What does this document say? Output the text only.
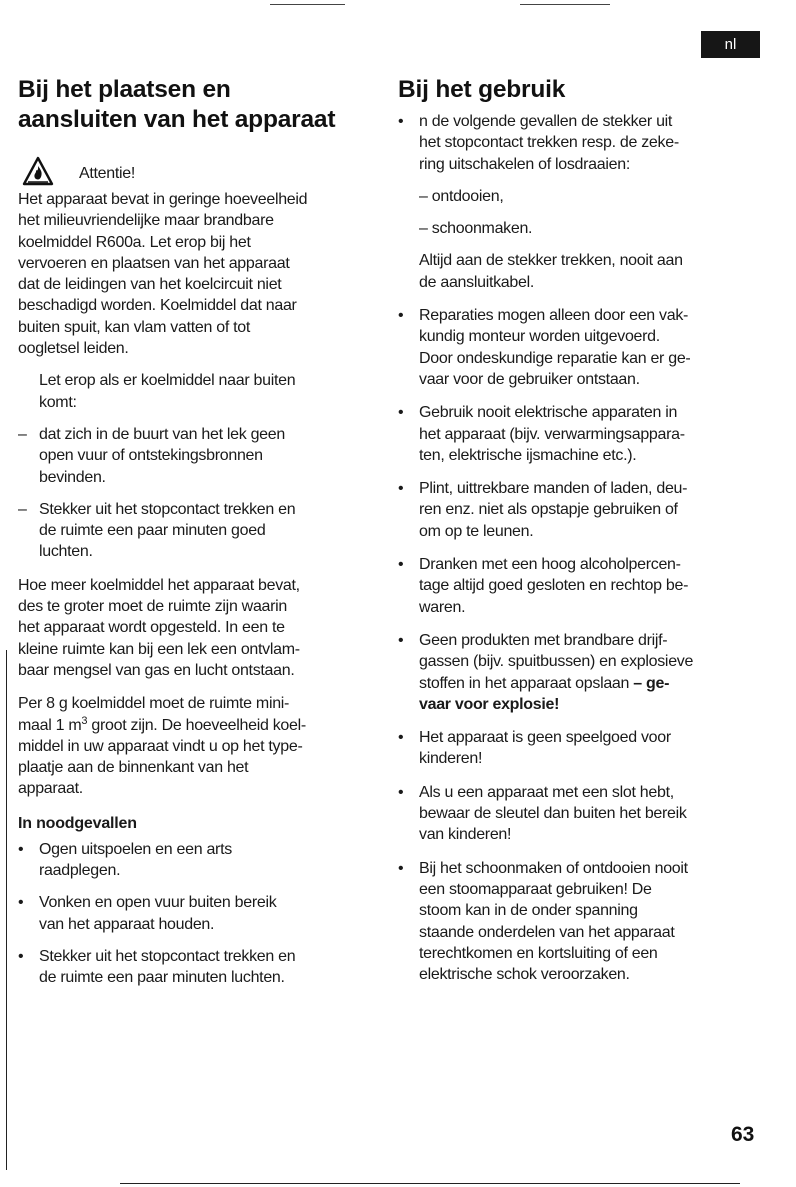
nl
Bij het plaatsen en
aansluiten van het apparaat
Attentie!
Het apparaat bevat in geringe hoeveelheid
het milieuvriendelijke maar brandbare
koelmiddel R600a. Let erop bij het
vervoeren en plaatsen van het apparaat
dat de leidingen van het koelcircuit niet
beschadigd worden. Koelmiddel dat naar
buiten spuit, kan vlam vatten of tot
oogletsel leiden.
Let erop als er koelmiddel naar buiten
komt:
– dat zich in de buurt van het lek geen
open vuur of ontstekingsbronnen
bevinden.
– Stekker uit het stopcontact trekken en
de ruimte een paar minuten goed
luchten.
Hoe meer koelmiddel het apparaat bevat,
des te groter moet de ruimte zijn waarin
het apparaat wordt opgesteld. In een te
kleine ruimte kan bij een lek een ontvlam-
baar mengsel van gas en lucht ontstaan.
Per 8 g koelmiddel moet de ruimte mini-
maal 1 $m^3$ groot zijn. De hoeveelheid koel-
middel in uw apparaat vindt u op het type-
plaatje aan de binnenkant van het
apparaat.
In noodgevallen
• Ogen uitspoelen en een arts
raadplegen.
• Vonken en open vuur buiten bereik
van het apparaat houden.
• Stekker uit het stopcontact trekken en
de ruimte een paar minuten luchten.
Bij het gebruik
• n de volgende gevallen de stekker uit
het stopcontact trekken resp. de zeke-
ring uitschakelen of losdraaien:
– ontdooien,
– schoonmaken.
Altijd aan de stekker trekken, nooit aan
de aansluitkabel.
• Reparaties mogen alleen door een vak-
kundig monteur worden uitgevoerd.
Door ondeskundige reparatie kan er ge-
vaar voor de gebruiker ontstaan.
• Gebruik nooit elektrische apparaten in
het apparaat (bijv. verwarmingsappara-
ten, elektrische ijsmachine etc.).
• Plint, uittrekbare manden of laden, deu-
ren enz. niet als opstapje gebruiken of
om op te leunen.
• Dranken met een hoog alcoholpercen-
tage altijd goed gesloten en rechtop be-
waren.
• Geen produkten met brandbare drijf-
gassen (bijv. spuitbussen) en explosieve
stoffen in het apparaat opslaan – ge-
vaar voor explosie!
• Het apparaat is geen speelgoed voor
kinderen!
• Als u een apparaat met een slot hebt,
bewaar de sleutel dan buiten het bereik
van kinderen!
• Bij het schoonmaken of ontdooien nooit
een stoomapparaat gebruiken! De
stoom kan in de onder spanning
staande onderdelen van het apparaat
terechtkomen en kortsluiting of een
elektrische schok veroorzaken.
63
